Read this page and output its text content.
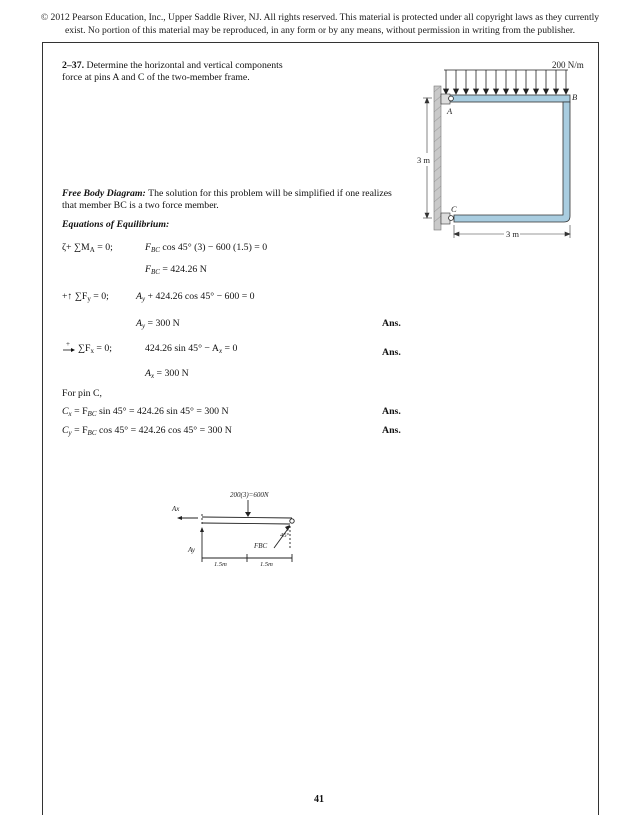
© 2012 Pearson Education, Inc., Upper Saddle River, NJ. All rights reserved. This material is protected under all copyright laws as they currently
exist. No portion of this material may be reproduced, in any form or by any means, without permission in writing from the publisher.
2–37. Determine the horizontal and vertical components
force at pins A and C of the two-member frame.
200 N/m
A
B
C
3 m
3 m
Free Body Diagram: The solution for this problem will be simplified if one realizes
that member BC is a two force member.
Equations of Equilibrium:
$\zeta+ \sum M_A = 0$;	$F_{BC}$ cos 45° (3) − 600 (1.5) = 0
$F_{BC} = 424.26$ N
+↑ $\sum F_y = 0$;	$A_y + 424.26$ cos 45° − 600 = 0
$A_y = 300$ N	Ans.
+ $\sum F_x = 0$;	424.26 $\sin 45^\circ - A_x = 0$	Ans.
$A_x = 300$ N
For pin C,
$C_x = F_{BC}$ sin 45° = 424.26 sin 45° = 300 N	Ans.
$C_y = F_{BC}$ cos 45° = 424.26 cos 45° = 300 N	Ans.
200(3)=600N
Ax
Ay	FBC
45°
1.5m	1.5m
41
